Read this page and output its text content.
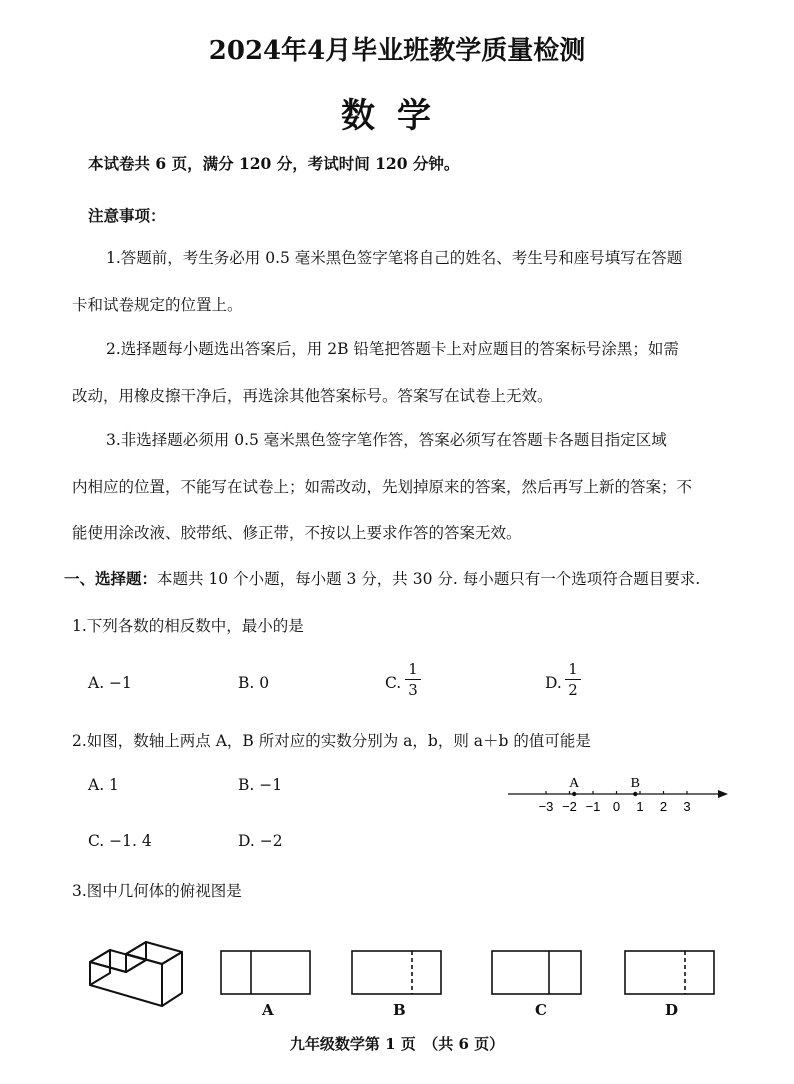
2024年4月毕业班教学质量检测
数学
本试卷共 6 页，满分 120 分，考试时间 120 分钟。
注意事项：
1.答题前，考生务必用 0.5 毫米黑色签字笔将自己的姓名、考生号和座号填写在答题
卡和试卷规定的位置上。
2.选择题每小题选出答案后，用 2B 铅笔把答题卡上对应题目的答案标号涂黑；如需
改动，用橡皮擦干净后，再选涂其他答案标号。答案写在试卷上无效。
3.非选择题必须用 0.5 毫米黑色签字笔作答，答案必须写在答题卡各题目指定区域
内相应的位置，不能写在试卷上；如需改动，先划掉原来的答案，然后再写上新的答案；不
能使用涂改液、胶带纸、修正带，不按以上要求作答的答案无效。
一、选择题：本题共 10 个小题，每小题 3 分，共 30 分. 每小题只有一个选项符合题目要求.
1.下列各数的相反数中，最小的是
A. −1	B. 0	C.
1
3	D.
1
2
2.如图，数轴上两点 A，B 所对应的实数分别为 a，b，则 a＋b 的值可能是
A. 1	B. −1
C. −1. 4	D. −2
−3 −2 −1 0 1 2 3
A	B
3.图中几何体的俯视图是
A	B	C	D
九年级数学第 1 页　（共 6 页）
